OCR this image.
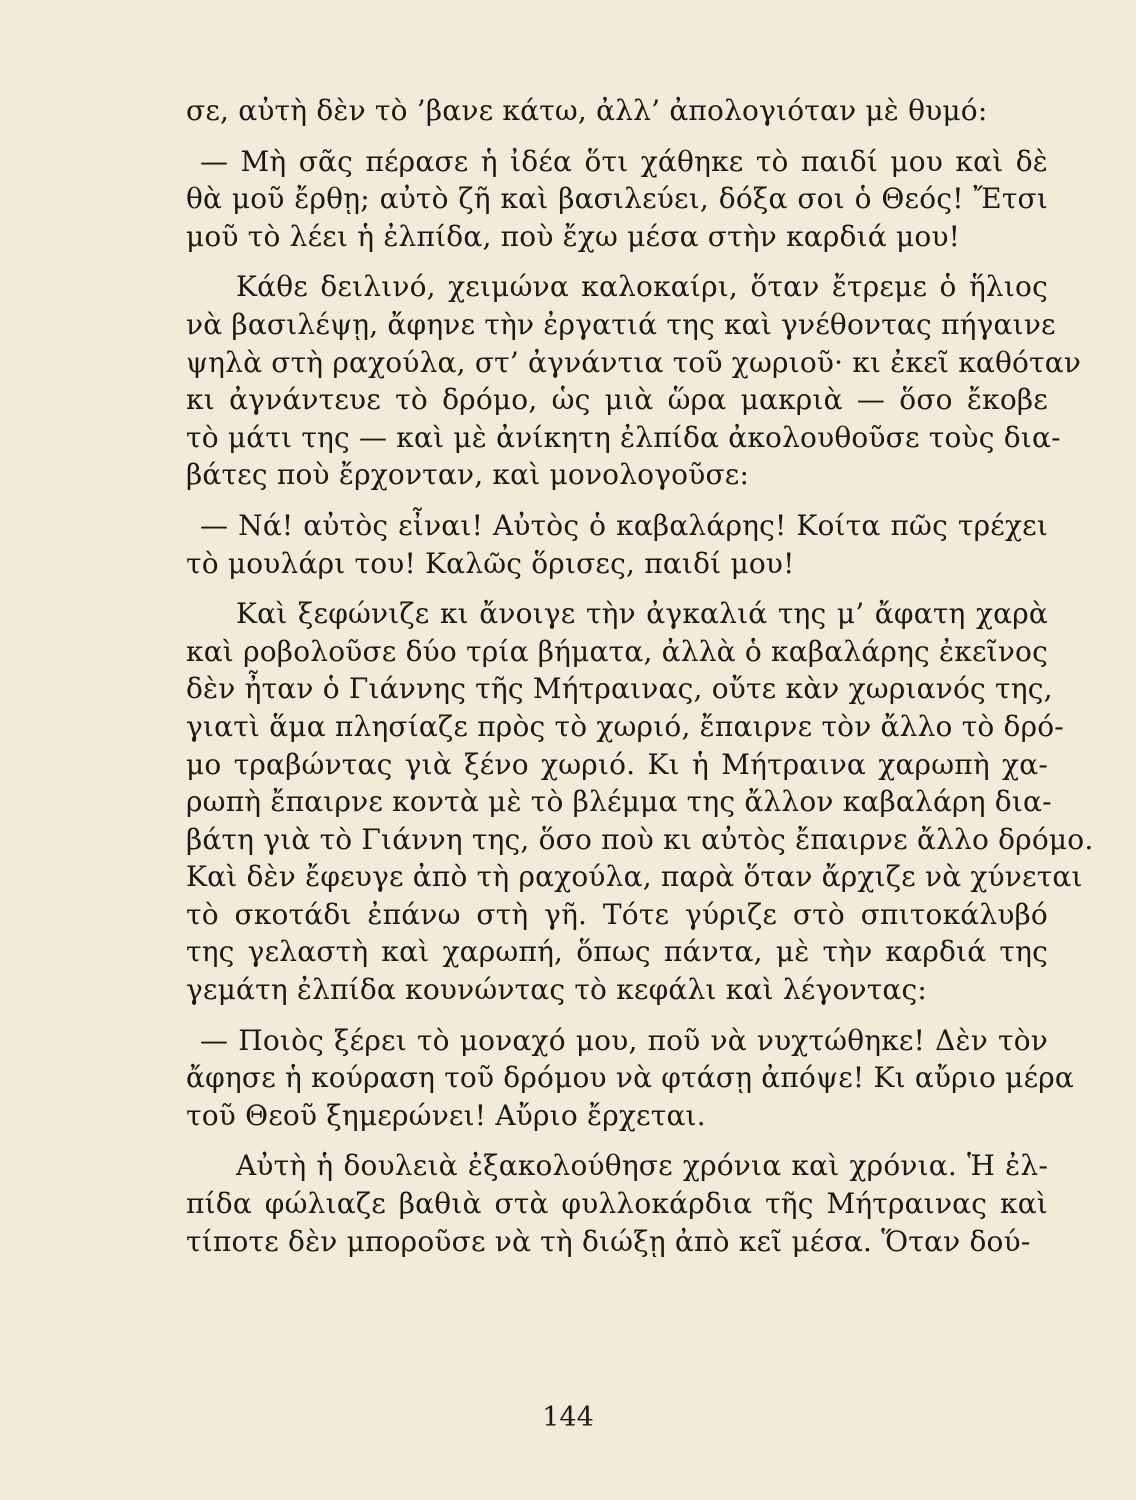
σε, αὐτὴ δὲν τὸ ’βανε κάτω, ἀλλ’ ἀπολογιόταν μὲ θυμό:
— Μὴ σᾶς πέρασε ἡ ἰδέα ὅτι χάθηκε τὸ παιδί μου καὶ δὲ
θὰ μοῦ ἔρθῃ; αὐτὸ ζῆ καὶ βασιλεύει, δόξα σοι ὁ Θεός! Ἔτσι
μοῦ τὸ λέει ἡ ἐλπίδα, ποὺ ἔχω μέσα στὴν καρδιά μου!
Κάθε δειλινό, χειμώνα καλοκαίρι, ὅταν ἔτρεμε ὁ ἥλιος
νὰ βασιλέψῃ, ἄφηνε τὴν ἐργατιά της καὶ γνέθοντας πήγαινε
ψηλὰ στὴ ραχούλα, στ’ ἀγνάντια τοῦ χωριοῦ· κι ἐκεῖ καθόταν
κι ἀγνάντευε τὸ δρόμο, ὡς μιὰ ὥρα μακριὰ — ὅσο ἔκοβε
τὸ μάτι της — καὶ μὲ ἀνίκητη ἐλπίδα ἀκολουθοῦσε τοὺς δια-
βάτες ποὺ ἔρχονταν, καὶ μονολογοῦσε:
— Νά! αὐτὸς εἶναι! Αὐτὸς ὁ καβαλάρης! Κοίτα πῶς τρέχει
τὸ μουλάρι του! Καλῶς ὅρισες, παιδί μου!
Καὶ ξεφώνιζε κι ἄνοιγε τὴν ἀγκαλιά της μ’ ἄφατη χαρὰ
καὶ ροβολοῦσε δύο τρία βήματα, ἀλλὰ ὁ καβαλάρης ἐκεῖνος
δὲν ἦταν ὁ Γιάννης τῆς Μήτραινας, οὔτε κὰν χωριανός της,
γιατὶ ἅμα πλησίαζε πρὸς τὸ χωριό, ἔπαιρνε τὸν ἄλλο τὸ δρό-
μο τραβώντας γιὰ ξένο χωριό. Κι ἡ Μήτραινα χαρωπὴ χα-
ρωπὴ ἔπαιρνε κοντὰ μὲ τὸ βλέμμα της ἄλλον καβαλάρη δια-
βάτη γιὰ τὸ Γιάννη της, ὅσο ποὺ κι αὐτὸς ἔπαιρνε ἄλλο δρόμο.
Καὶ δὲν ἔφευγε ἀπὸ τὴ ραχούλα, παρὰ ὅταν ἄρχιζε νὰ χύνεται
τὸ σκοτάδι ἐπάνω στὴ γῆ. Τότε γύριζε στὸ σπιτοκάλυβό
της γελαστὴ καὶ χαρωπή, ὅπως πάντα, μὲ τὴν καρδιά της
γεμάτη ἐλπίδα κουνώντας τὸ κεφάλι καὶ λέγοντας:
— Ποιὸς ξέρει τὸ μοναχό μου, ποῦ νὰ νυχτώθηκε! Δὲν τὸν
ἄφησε ἡ κούραση τοῦ δρόμου νὰ φτάσῃ ἀπόψε! Κι αὔριο μέρα
τοῦ Θεοῦ ξημερώνει! Αὔριο ἔρχεται.
Αὐτὴ ἡ δουλειὰ ἐξακολούθησε χρόνια καὶ χρόνια. Ἡ ἐλ-
πίδα φώλιαζε βαθιὰ στὰ φυλλοκάρδια τῆς Μήτραινας καὶ
τίποτε δὲν μποροῦσε νὰ τὴ διώξῃ ἀπὸ κεῖ μέσα. Ὅταν δού-
144
